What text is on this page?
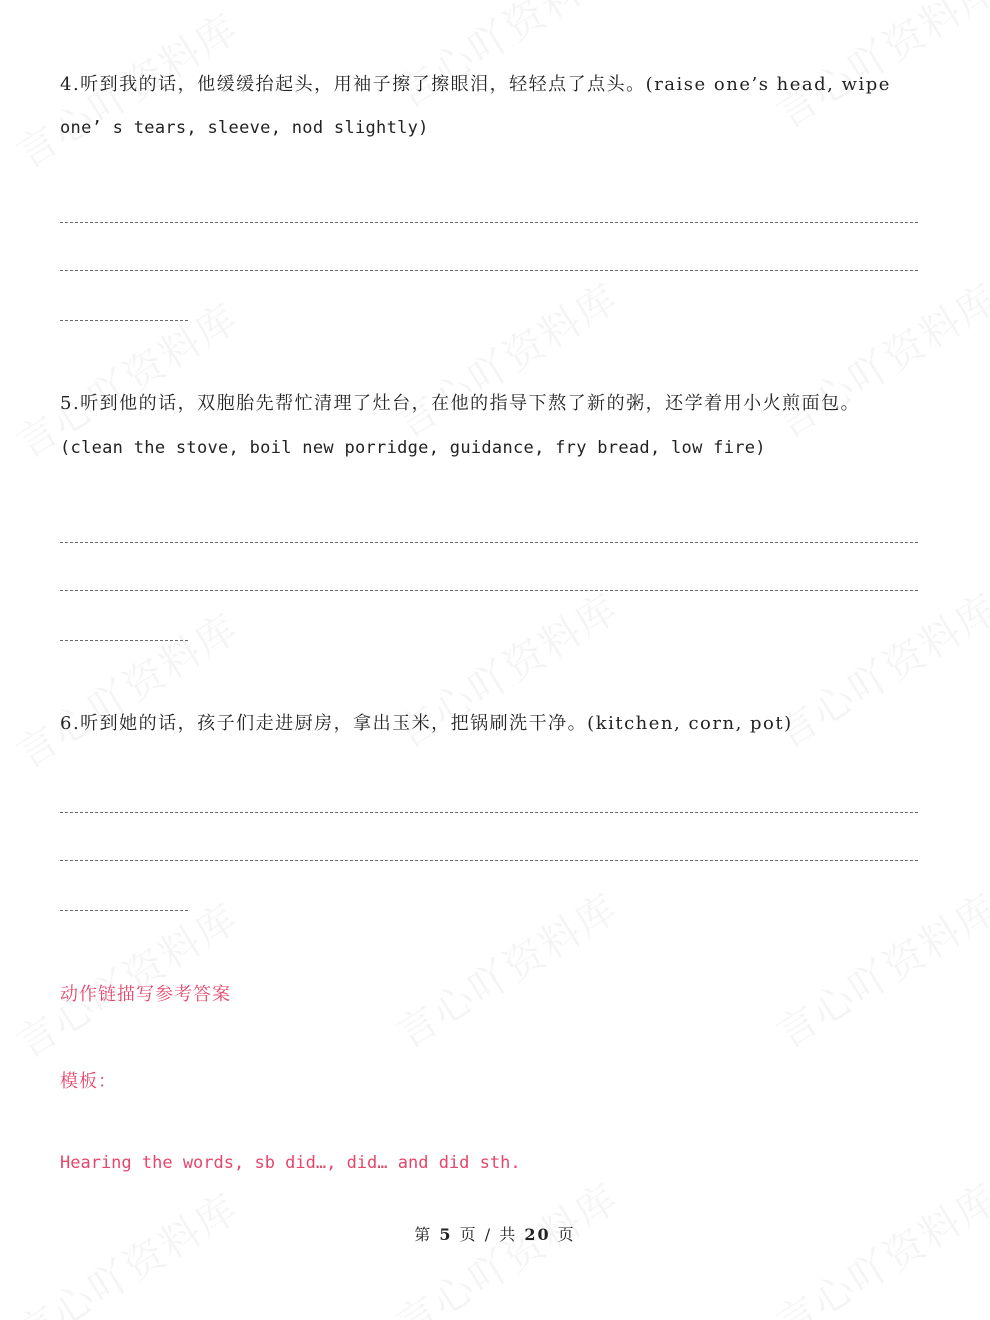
4.听到我的话，他缓缓抬起头，用袖子擦了擦眼泪，轻轻点了点头。(raise one’s head, wipe
one’ s tears, sleeve, nod slightly)
5.听到他的话，双胞胎先帮忙清理了灶台，在他的指导下熬了新的粥，还学着用小火煎面包。
(clean the stove, boil new porridge, guidance, fry bread, low fire)
6.听到她的话，孩子们走进厨房，拿出玉米，把锅刷洗干净。(kitchen, corn, pot)
动作链描写参考答案
模板：
Hearing the words, sb did…, did… and did sth.
第 5 页 / 共 20 页
